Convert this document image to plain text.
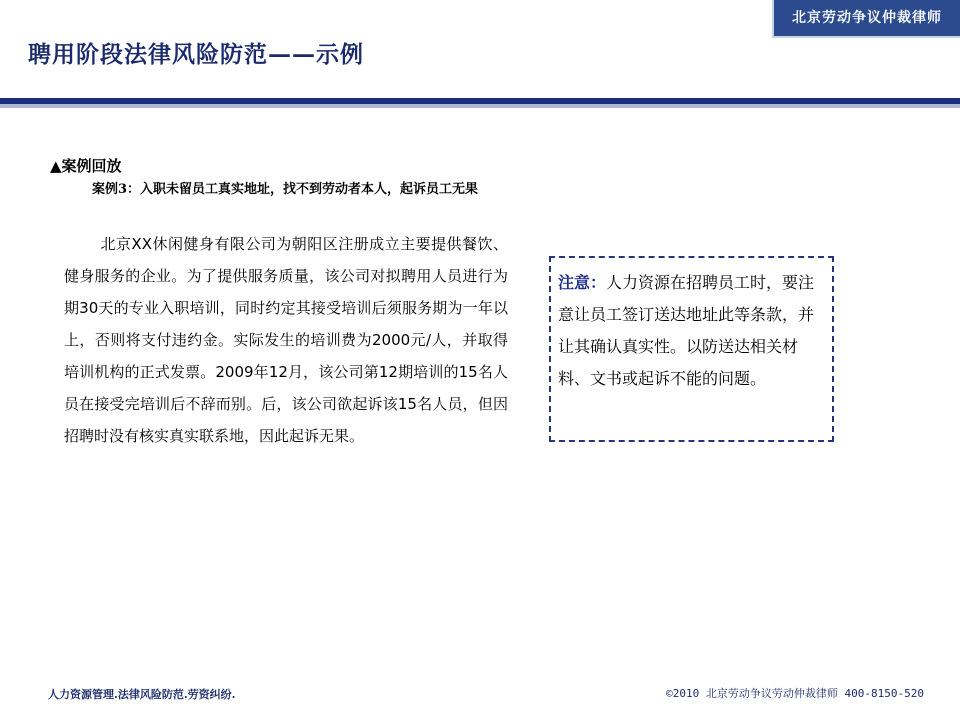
北京劳动争议仲裁律师
聘用阶段法律风险防范——示例
▲案例回放
案例3：入职未留员工真实地址，找不到劳动者本人，起诉员工无果
北京XX休闲健身有限公司为朝阳区注册成立主要提供餐饮、健身服务的企业。为了提供服务质量，该公司对拟聘用人员进行为期30天的专业入职培训，同时约定其接受培训后须服务期为一年以上，否则将支付违约金。实际发生的培训费为2000元/人，并取得培训机构的正式发票。2009年12月，该公司第12期培训的15名人员在接受完培训后不辞而别。后，该公司欲起诉该15名人员，但因招聘时没有核实真实联系地，因此起诉无果。
注意：人力资源在招聘员工时，要注意让员工签订送达地址此等条款，并让其确认真实性。以防送达相关材料、文书或起诉不能的问题。
人力资源管理.法律风险防范.劳资纠纷.	©2010 北京劳动争议劳动仲裁律师 400-8150-520
